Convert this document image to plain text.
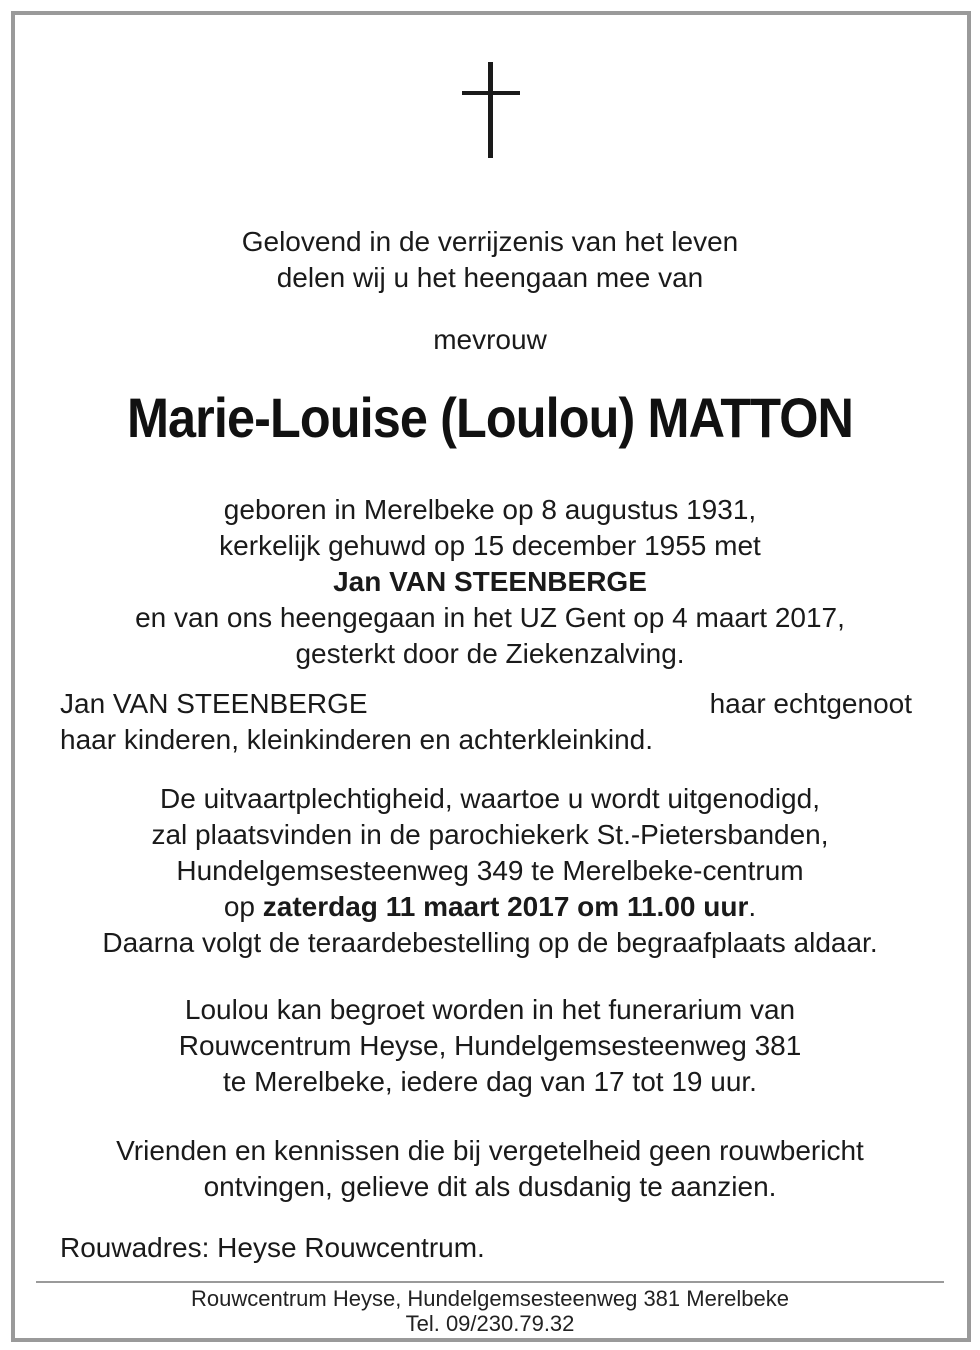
Gelovend in de verrijzenis van het leven
delen wij u het heengaan mee van
mevrouw
Marie-Louise (Loulou) MATTON
geboren in Merelbeke op 8 augustus 1931,
kerkelijk gehuwd op 15 december 1955 met
Jan VAN STEENBERGE
en van ons heengegaan in het UZ Gent op 4 maart 2017,
gesterkt door de Ziekenzalving.
Jan VAN STEENBERGE	haar echtgenoot
haar kinderen, kleinkinderen en achterkleinkind.
De uitvaartplechtigheid, waartoe u wordt uitgenodigd,
zal plaatsvinden in de parochiekerk St.-Pietersbanden,
Hundelgemsesteenweg 349 te Merelbeke-centrum
op zaterdag 11 maart 2017 om 11.00 uur.
Daarna volgt de teraardebestelling op de begraafplaats aldaar.
Loulou kan begroet worden in het funerarium van
Rouwcentrum Heyse, Hundelgemsesteenweg 381
te Merelbeke, iedere dag van 17 tot 19 uur.
Vrienden en kennissen die bij vergetelheid geen rouwbericht
ontvingen, gelieve dit als dusdanig te aanzien.
Rouwadres: Heyse Rouwcentrum.
Rouwcentrum Heyse, Hundelgemsesteenweg 381 Merelbeke
Tel. 09/230.79.32
